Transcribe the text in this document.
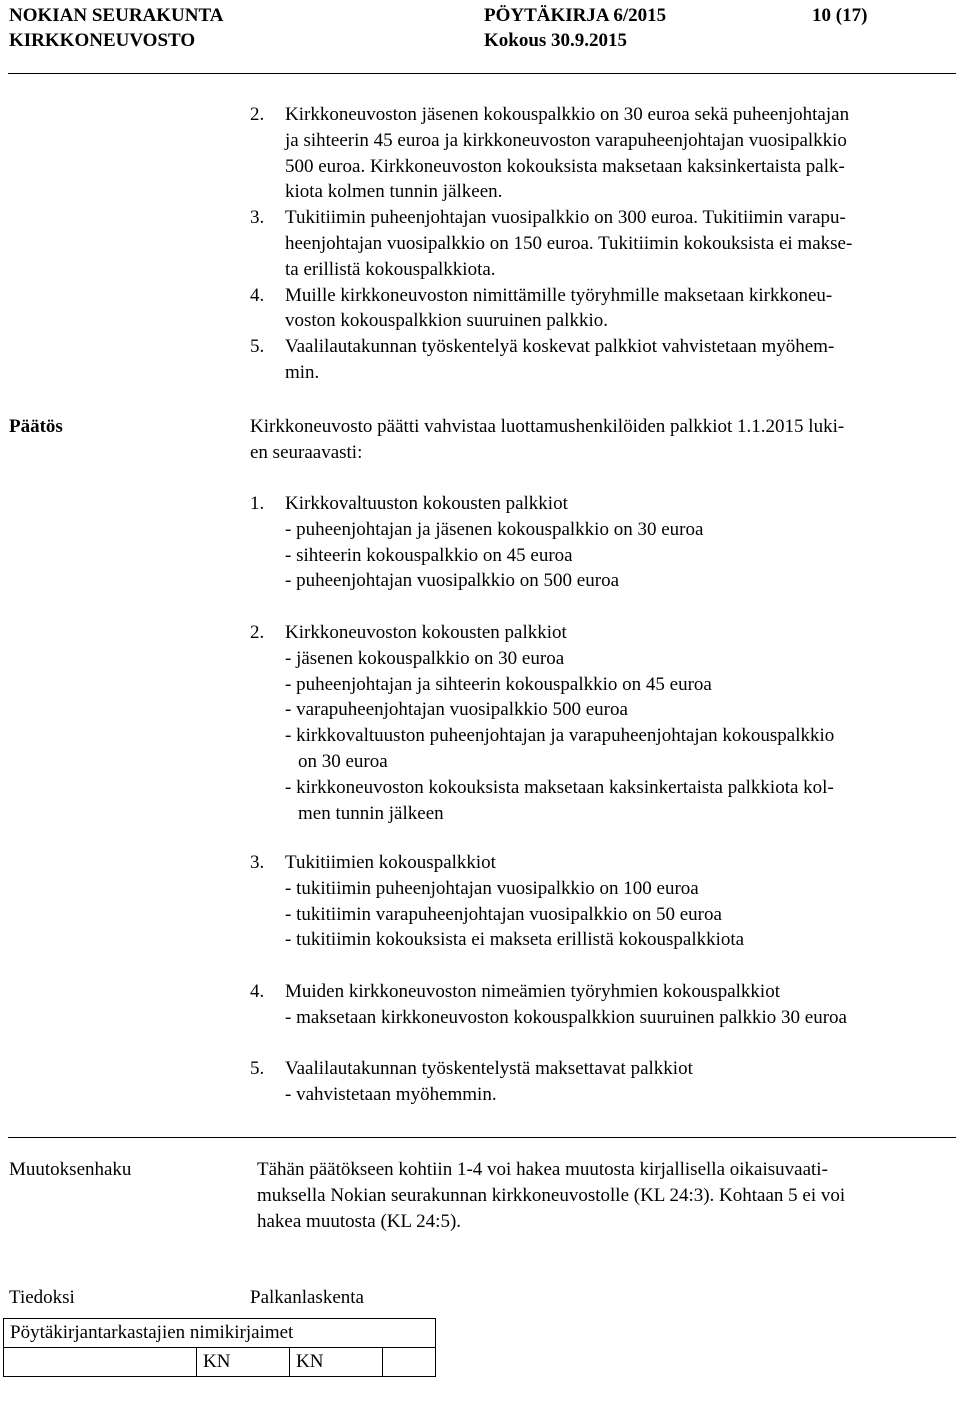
NOKIAN SEURAKUNTA
KIRKKONEUVOSTO
PÖYTÄKIRJA 6/2015
Kokous 30.9.2015
10 (17)
2. Kirkkoneuvoston jäsenen kokouspalkkio on 30 euroa sekä puheenjohtajan
ja sihteerin 45 euroa ja kirkkoneuvoston varapuheenjohtajan vuosipalkkio
500 euroa. Kirkkoneuvoston kokouksista maksetaan kaksinkertaista palk-
kiota kolmen tunnin jälkeen.
3. Tukitiimin puheenjohtajan vuosipalkkio on 300 euroa. Tukitiimin varapu-
heenjohtajan vuosipalkkio on 150 euroa. Tukitiimin kokouksista ei makse-
ta erillistä kokouspalkkiota.
4. Muille kirkkoneuvoston nimittämille työryhmille maksetaan kirkkoneu-
voston kokouspalkkion suuruinen palkkio.
5. Vaalilautakunnan työskentelyä koskevat palkkiot vahvistetaan myöhem-
min.
Päätös	Kirkkoneuvosto päätti vahvistaa luottamushenkilöiden palkkiot 1.1.2015 luki-
en seuraavasti:
1. Kirkkovaltuuston kokousten palkkiot
- puheenjohtajan ja jäsenen kokouspalkkio on 30 euroa
- sihteerin kokouspalkkio on 45 euroa
- puheenjohtajan vuosipalkkio on 500 euroa
2. Kirkkoneuvoston kokousten palkkiot
- jäsenen kokouspalkkio on 30 euroa
- puheenjohtajan ja sihteerin kokouspalkkio on 45 euroa
- varapuheenjohtajan vuosipalkkio 500 euroa
- kirkkovaltuuston puheenjohtajan ja varapuheenjohtajan kokouspalkkio
on 30 euroa
- kirkkoneuvoston kokouksista maksetaan kaksinkertaista palkkiota kol-
men tunnin jälkeen
3. Tukitiimien kokouspalkkiot
- tukitiimin puheenjohtajan vuosipalkkio on 100 euroa
- tukitiimin varapuheenjohtajan vuosipalkkio on 50 euroa
- tukitiimin kokouksista ei makseta erillistä kokouspalkkiota
4. Muiden kirkkoneuvoston nimeämien työryhmien kokouspalkkiot
- maksetaan kirkkoneuvoston kokouspalkkion suuruinen palkkio 30 euroa
5. Vaalilautakunnan työskentelystä maksettavat palkkiot
- vahvistetaan myöhemmin.
Muutoksenhaku	Tähän päätökseen kohtiin 1-4 voi hakea muutosta kirjallisella oikaisuvaati-
muksella Nokian seurakunnan kirkkoneuvostolle (KL 24:3). Kohtaan 5 ei voi
hakea muutosta (KL 24:5).
Tiedoksi	Palkanlaskenta
Pöytäkirjantarkastajien nimikirjaimet
	KN	KN	
